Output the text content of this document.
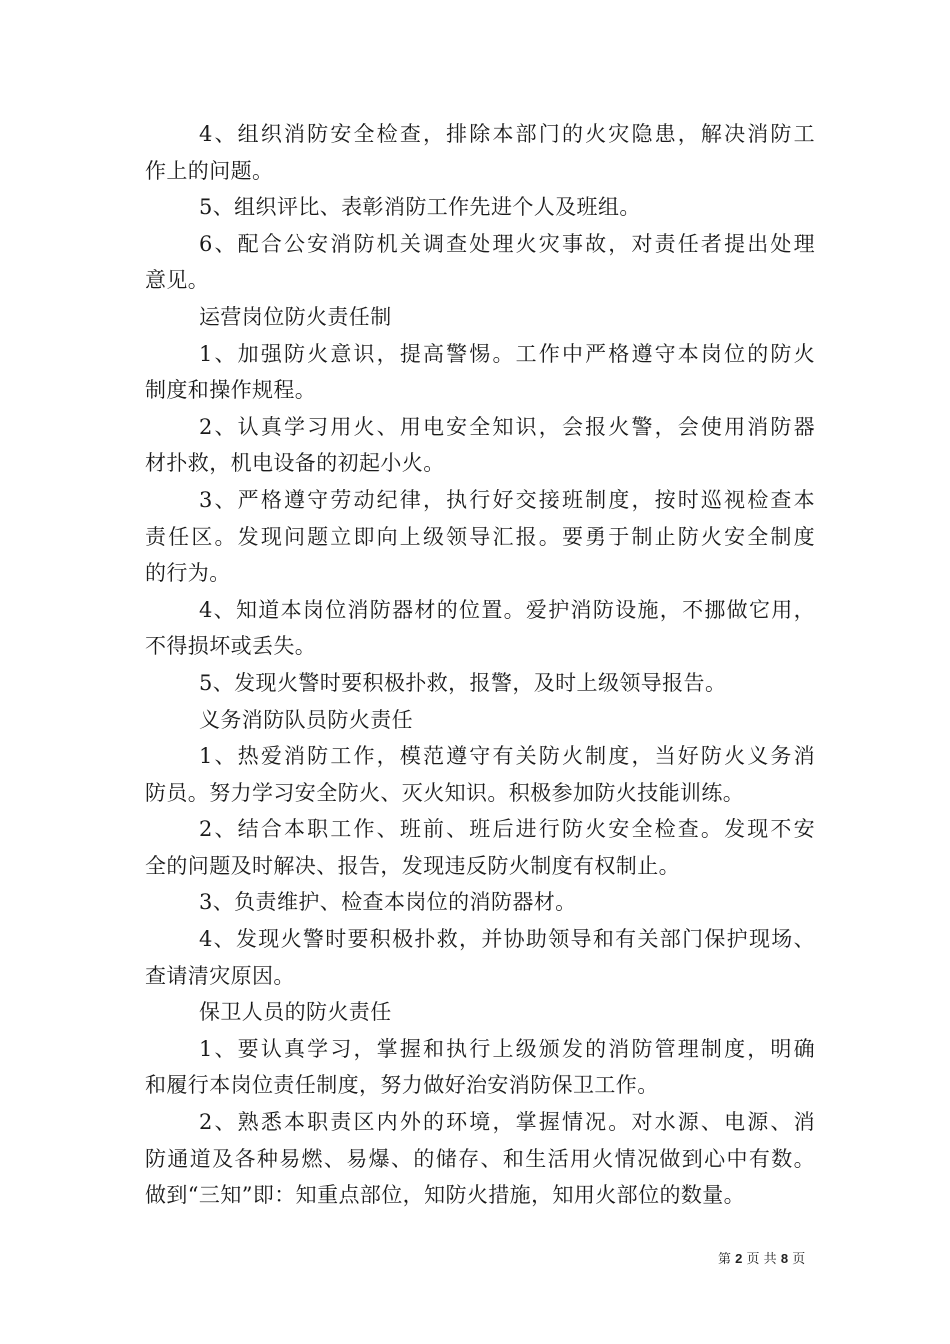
4、组织消防安全检查，排除本部门的火灾隐患，解决消防工
作上的问题。
5、组织评比、表彰消防工作先进个人及班组。
6、配合公安消防机关调查处理火灾事故，对责任者提出处理
意见。
运营岗位防火责任制
1、加强防火意识，提高警惕。工作中严格遵守本岗位的防火
制度和操作规程。
2、认真学习用火、用电安全知识，会报火警，会使用消防器
材扑救，机电设备的初起小火。
3、严格遵守劳动纪律，执行好交接班制度，按时巡视检查本
责任区。发现问题立即向上级领导汇报。要勇于制止防火安全制度
的行为。
4、知道本岗位消防器材的位置。爱护消防设施，不挪做它用，
不得损坏或丢失。
5、发现火警时要积极扑救，报警，及时上级领导报告。
义务消防队员防火责任
1、热爱消防工作，模范遵守有关防火制度，当好防火义务消
防员。努力学习安全防火、灭火知识。积极参加防火技能训练。
2、结合本职工作、班前、班后进行防火安全检查。发现不安
全的问题及时解决、报告，发现违反防火制度有权制止。
3、负责维护、检查本岗位的消防器材。
4、发现火警时要积极扑救，并协助领导和有关部门保护现场、
查请清灾原因。
保卫人员的防火责任
1、要认真学习，掌握和执行上级颁发的消防管理制度，明确
和履行本岗位责任制度，努力做好治安消防保卫工作。
2、熟悉本职责区内外的环境，掌握情况。对水源、电源、消
防通道及各种易燃、易爆、的储存、和生活用火情况做到心中有数。
做到“三知”即：知重点部位，知防火措施，知用火部位的数量。
第 2 页 共 8 页
